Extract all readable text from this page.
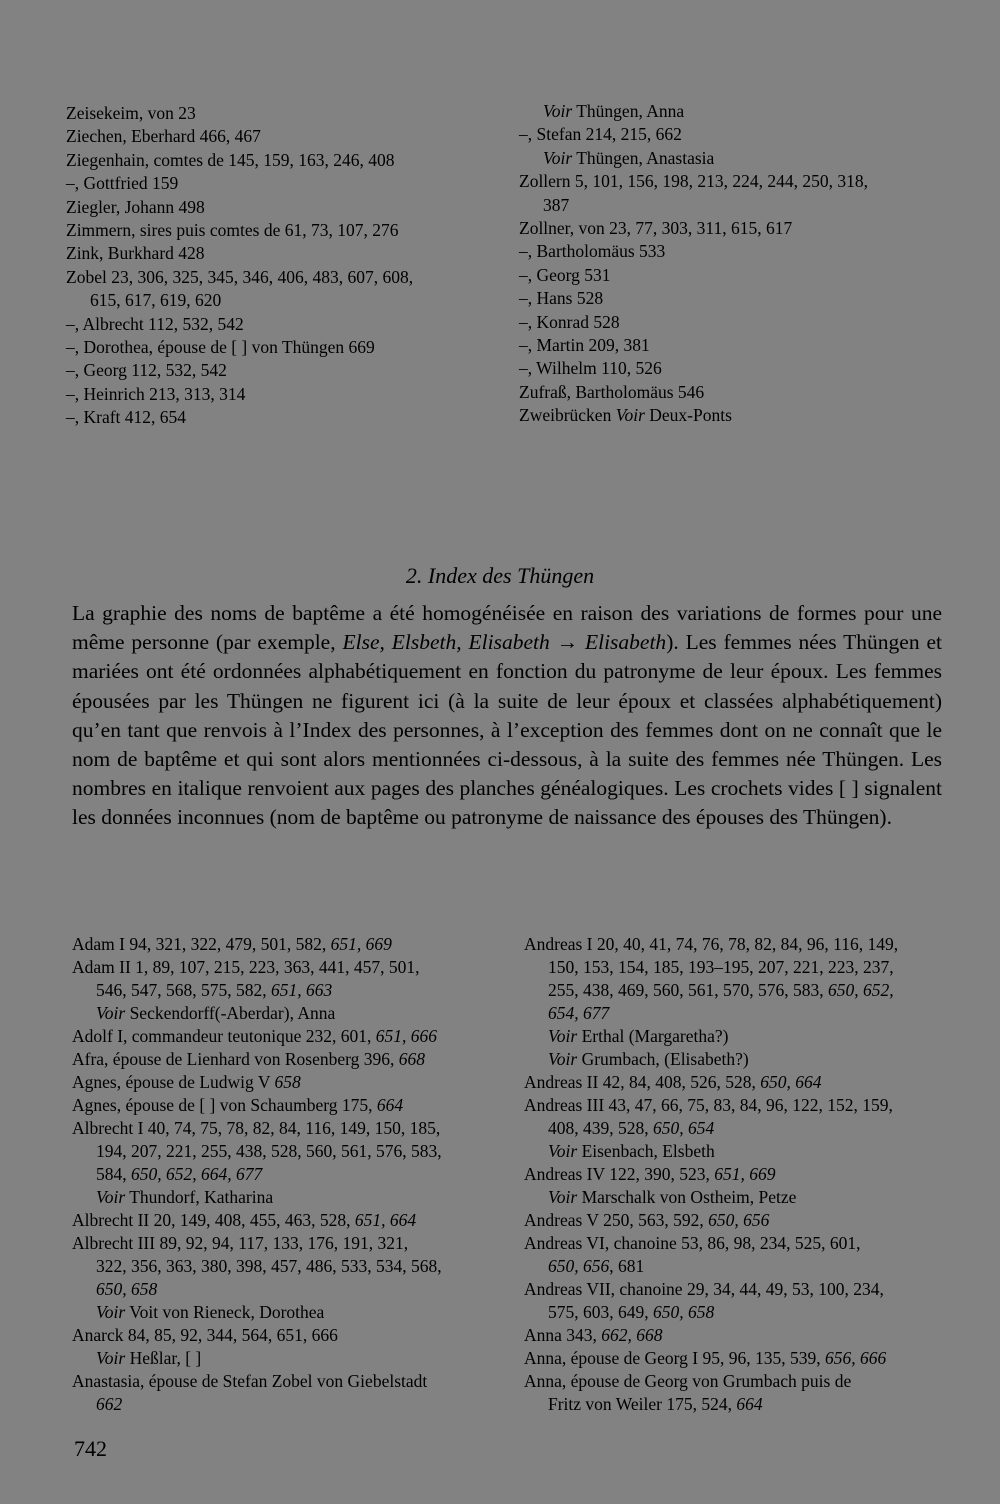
Zeisekeim, von 23
Ziechen, Eberhard 466, 467
Ziegenhain, comtes de 145, 159, 163, 246, 408
–, Gottfried 159
Ziegler, Johann 498
Zimmern, sires puis comtes de 61, 73, 107, 276
Zink, Burkhard 428
Zobel 23, 306, 325, 345, 346, 406, 483, 607, 608,
615, 617, 619, 620
–, Albrecht 112, 532, 542
–, Dorothea, épouse de [ ] von Thüngen 669
–, Georg 112, 532, 542
–, Heinrich 213, 313, 314
–, Kraft 412, 654
Voir Thüngen, Anna
–, Stefan 214, 215, 662
Voir Thüngen, Anastasia
Zollern 5, 101, 156, 198, 213, 224, 244, 250, 318,
387
Zollner, von 23, 77, 303, 311, 615, 617
–, Bartholomäus 533
–, Georg 531
–, Hans 528
–, Konrad 528
–, Martin 209, 381
–, Wilhelm 110, 526
Zufraß, Bartholomäus 546
Zweibrücken Voir Deux-Ponts
2. Index des Thüngen
La graphie des noms de baptême a été homogénéisée en raison des variations de formes pour une même personne (par exemple, Else, Elsbeth, Elisabeth → Elisabeth). Les femmes nées Thüngen et mariées ont été ordonnées alphabétiquement en fonction du patronyme de leur époux. Les femmes épousées par les Thüngen ne figurent ici (à la suite de leur époux et classées alphabétiquement) qu’en tant que renvois à l’Index des personnes, à l’exception des femmes dont on ne connaît que le nom de baptême et qui sont alors mentionnées ci-dessous, à la suite des femmes née Thüngen. Les nombres en italique renvoient aux pages des planches généalogiques. Les crochets vides [ ] signalent les données inconnues (nom de baptême ou patronyme de naissance des épouses des Thüngen).
Adam I 94, 321, 322, 479, 501, 582, 651, 669
Adam II 1, 89, 107, 215, 223, 363, 441, 457, 501,
546, 547, 568, 575, 582, 651, 663
Voir Seckendorff(-Aberdar), Anna
Adolf I, commandeur teutonique 232, 601, 651, 666
Afra, épouse de Lienhard von Rosenberg 396, 668
Agnes, épouse de Ludwig V 658
Agnes, épouse de [ ] von Schaumberg 175, 664
Albrecht I 40, 74, 75, 78, 82, 84, 116, 149, 150, 185,
194, 207, 221, 255, 438, 528, 560, 561, 576, 583,
584, 650, 652, 664, 677
Voir Thundorf, Katharina
Albrecht II 20, 149, 408, 455, 463, 528, 651, 664
Albrecht III 89, 92, 94, 117, 133, 176, 191, 321,
322, 356, 363, 380, 398, 457, 486, 533, 534, 568,
650, 658
Voir Voit von Rieneck, Dorothea
Anarck 84, 85, 92, 344, 564, 651, 666
Voir Heßlar, [ ]
Anastasia, épouse de Stefan Zobel von Giebelstadt
662
Andreas I 20, 40, 41, 74, 76, 78, 82, 84, 96, 116, 149,
150, 153, 154, 185, 193–195, 207, 221, 223, 237,
255, 438, 469, 560, 561, 570, 576, 583, 650, 652,
654, 677
Voir Erthal (Margaretha?)
Voir Grumbach, (Elisabeth?)
Andreas II 42, 84, 408, 526, 528, 650, 664
Andreas III 43, 47, 66, 75, 83, 84, 96, 122, 152, 159,
408, 439, 528, 650, 654
Voir Eisenbach, Elsbeth
Andreas IV 122, 390, 523, 651, 669
Voir Marschalk von Ostheim, Petze
Andreas V 250, 563, 592, 650, 656
Andreas VI, chanoine 53, 86, 98, 234, 525, 601,
650, 656, 681
Andreas VII, chanoine 29, 34, 44, 49, 53, 100, 234,
575, 603, 649, 650, 658
Anna 343, 662, 668
Anna, épouse de Georg I 95, 96, 135, 539, 656, 666
Anna, épouse de Georg von Grumbach puis de
Fritz von Weiler 175, 524, 664
742
